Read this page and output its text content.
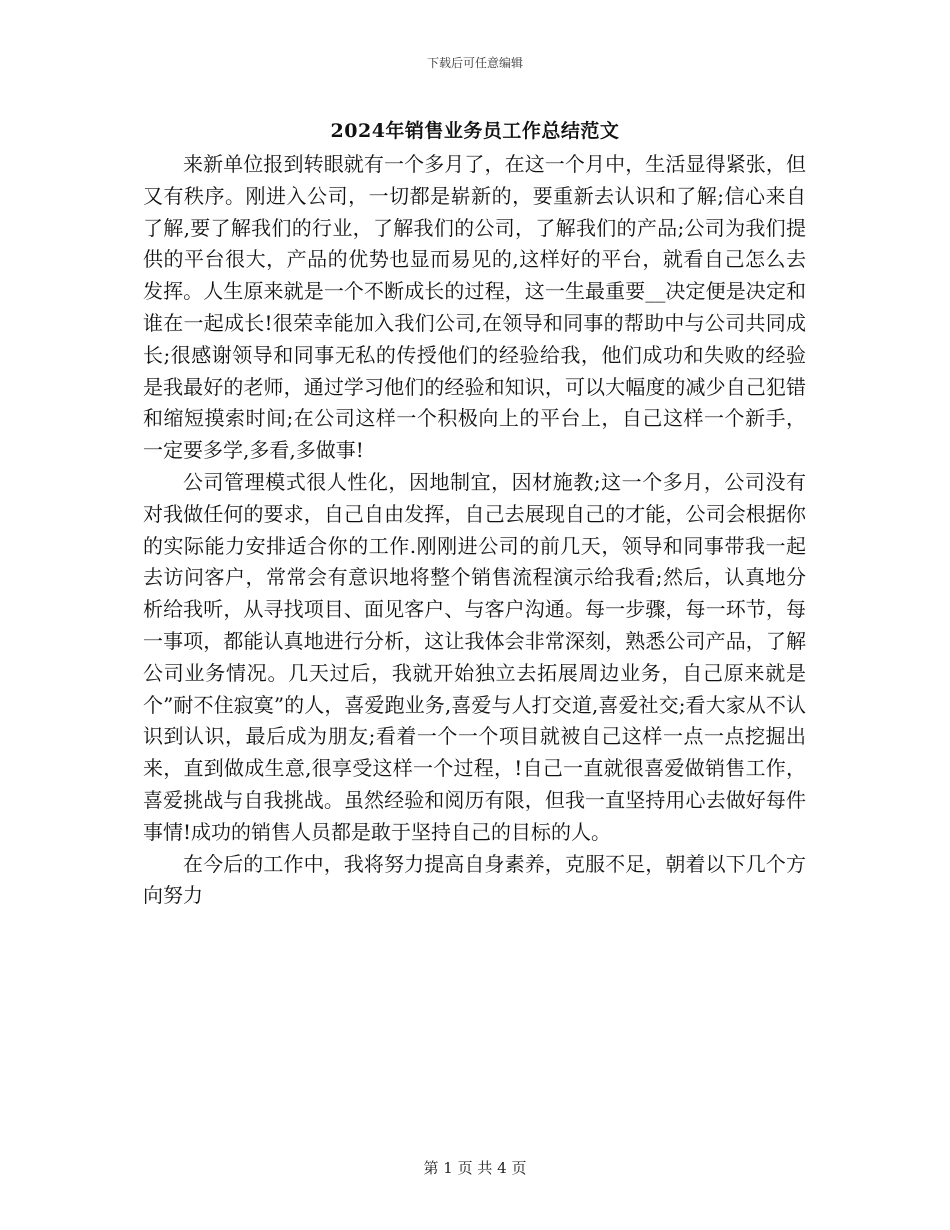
下载后可任意编辑
2024年销售业务员工作总结范文

来新单位报到转眼就有一个多月了，在这一个月中，生活显得紧张，但又有秩序。刚进入公司，一切都是崭新的，要重新去认识和了解;信心来自了解,要了解我们的行业，了解我们的公司，了解我们的产品;公司为我们提供的平台很大，产品的优势也显而易见的,这样好的平台，就看自己怎么去发挥。人生原来就是一个不断成长的过程，这一生最重要__决定便是决定和谁在一起成长!很荣幸能加入我们公司,在领导和同事的帮助中与公司共同成长;很感谢领导和同事无私的传授他们的经验给我，他们成功和失败的经验是我最好的老师，通过学习他们的经验和知识，可以大幅度的减少自己犯错和缩短摸索时间;在公司这样一个积极向上的平台上，自己这样一个新手，一定要多学,多看,多做事!

公司管理模式很人性化，因地制宜，因材施教;这一个多月，公司没有对我做任何的要求，自己自由发挥，自己去展现自己的才能，公司会根据你的实际能力安排适合你的工作.刚刚进公司的前几天，领导和同事带我一起去访问客户，常常会有意识地将整个销售流程演示给我看;然后，认真地分析给我听，从寻找项目、面见客户、与客户沟通。每一步骤，每一环节，每一事项，都能认真地进行分析，这让我体会非常深刻，熟悉公司产品，了解公司业务情况。几天过后，我就开始独立去拓展周边业务，自己原来就是个”耐不住寂寞”的人，喜爱跑业务,喜爱与人打交道,喜爱社交;看大家从不认识到认识，最后成为朋友;看着一个一个项目就被自己这样一点一点挖掘出来，直到做成生意,很享受这样一个过程，!自己一直就很喜爱做销售工作，喜爱挑战与自我挑战。虽然经验和阅历有限，但我一直坚持用心去做好每件事情!成功的销售人员都是敢于坚持自己的目标的人。

在今后的工作中，我将努力提高自身素养，克服不足，朝着以下几个方向努力

第 1 页 共 4 页
